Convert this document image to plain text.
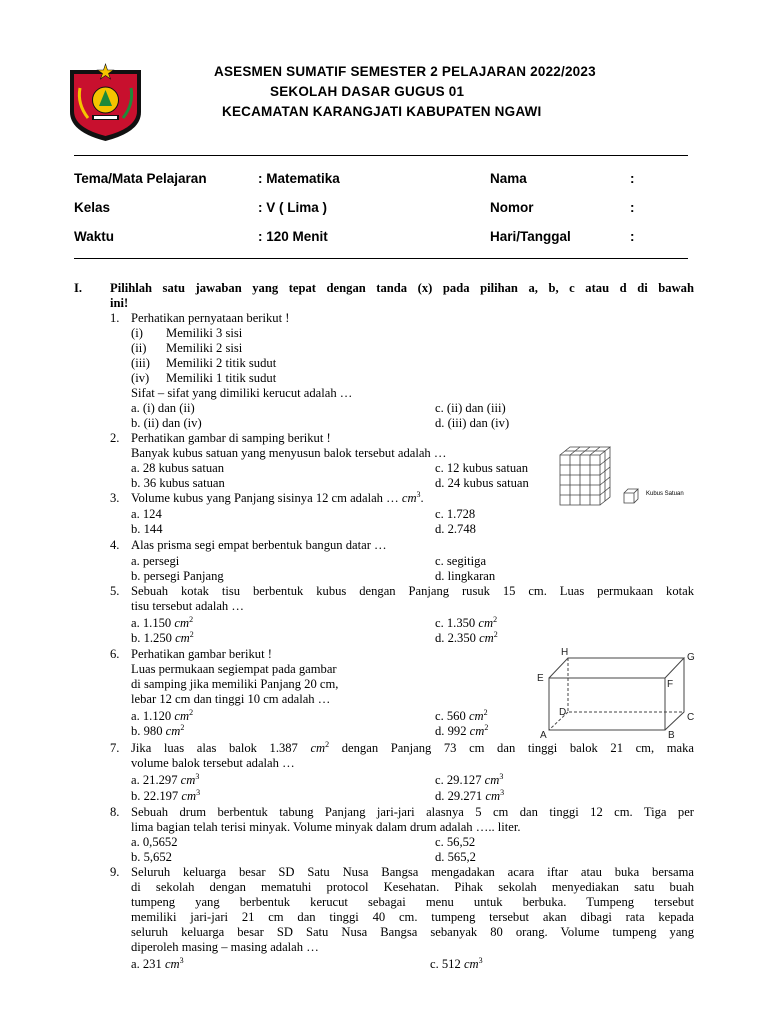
ASESMEN SUMATIF SEMESTER 2 PELAJARAN 2022/2023
SEKOLAH DASAR GUGUS 01
KECAMATAN KARANGJATI KABUPATEN NGAWI
Tema/Mata Pelajaran	: Matematika	Nama	:
Kelas	: V ( Lima )	Nomor	:
Waktu	: 120 Menit	Hari/Tanggal	:
I. Pilihlah satu jawaban yang tepat dengan tanda (x) pada pilihan a, b, c atau d di bawah
ini!
1. Perhatikan pernyataan berikut !
(i) Memiliki 3 sisi
(ii) Memiliki 2 sisi
(iii) Memiliki 2 titik sudut
(iv) Memiliki 1 titik sudut
Sifat – sifat yang dimiliki kerucut adalah …
a. (i) dan (ii)	c. (ii) dan (iii)
b. (ii) dan (iv)	d. (iii) dan (iv)
2. Perhatikan gambar di samping berikut !
Banyak kubus satuan yang menyusun balok tersebut adalah …
a. 28 kubus satuan	c. 12 kubus satuan
b. 36 kubus satuan	d. 24 kubus satuan
Kubus Satuan
3. Volume kubus yang Panjang sisinya 12 cm adalah … $cm^3$.
a. 124	c. 1.728
b. 144	d. 2.748
4. Alas prisma segi empat berbentuk bangun datar …
a. persegi	c. segitiga
b. persegi Panjang	d. lingkaran
5. Sebuah kotak tisu berbentuk kubus dengan Panjang rusuk 15 cm. Luas permukaan kotak
tisu tersebut adalah …
a. 1.150 $cm^2$	c. 1.350 $cm^2$
b. 1.250 $cm^2$	d. 2.350 $cm^2$
6. Perhatikan gambar berikut !
Luas permukaan segiempat pada gambar
di samping jika memiliki Panjang 20 cm,
lebar 12 cm dan tinggi 10 cm adalah …
a. 1.120 $cm^2$	c. 560 $cm^2$
b. 980 $cm^2$	d. 992 $cm^2$
H	G
E
F
D	C
A	B
7. Jika luas alas balok 1.387 $cm^2$ dengan Panjang 73 cm dan tinggi balok 21 cm, maka
volume balok tersebut adalah …
a. 21.297 $cm^3$	c. 29.127 $cm^3$
b. 22.197 $cm^3$	d. 29.271 $cm^3$
8. Sebuah drum berbentuk tabung Panjang jari-jari alasnya 5 cm dan tinggi 12 cm. Tiga per
lima bagian telah terisi minyak. Volume minyak dalam drum adalah ….. liter.
a. 0,5652	c. 56,52
b. 5,652	d. 565,2
9. Seluruh keluarga besar SD Satu Nusa Bangsa mengadakan acara iftar atau buka bersama
di sekolah dengan mematuhi protocol Kesehatan. Pihak sekolah menyediakan satu buah
tumpeng yang berbentuk kerucut sebagai menu untuk berbuka. Tumpeng tersebut
memiliki jari-jari 21 cm dan tinggi 40 cm. tumpeng tersebut akan dibagi rata kepada
seluruh keluarga besar SD Satu Nusa Bangsa sebanyak 80 orang. Volume tumpeng yang
diperoleh masing – masing adalah …
a. 231 $cm^3$	c. 512 $cm^3$
